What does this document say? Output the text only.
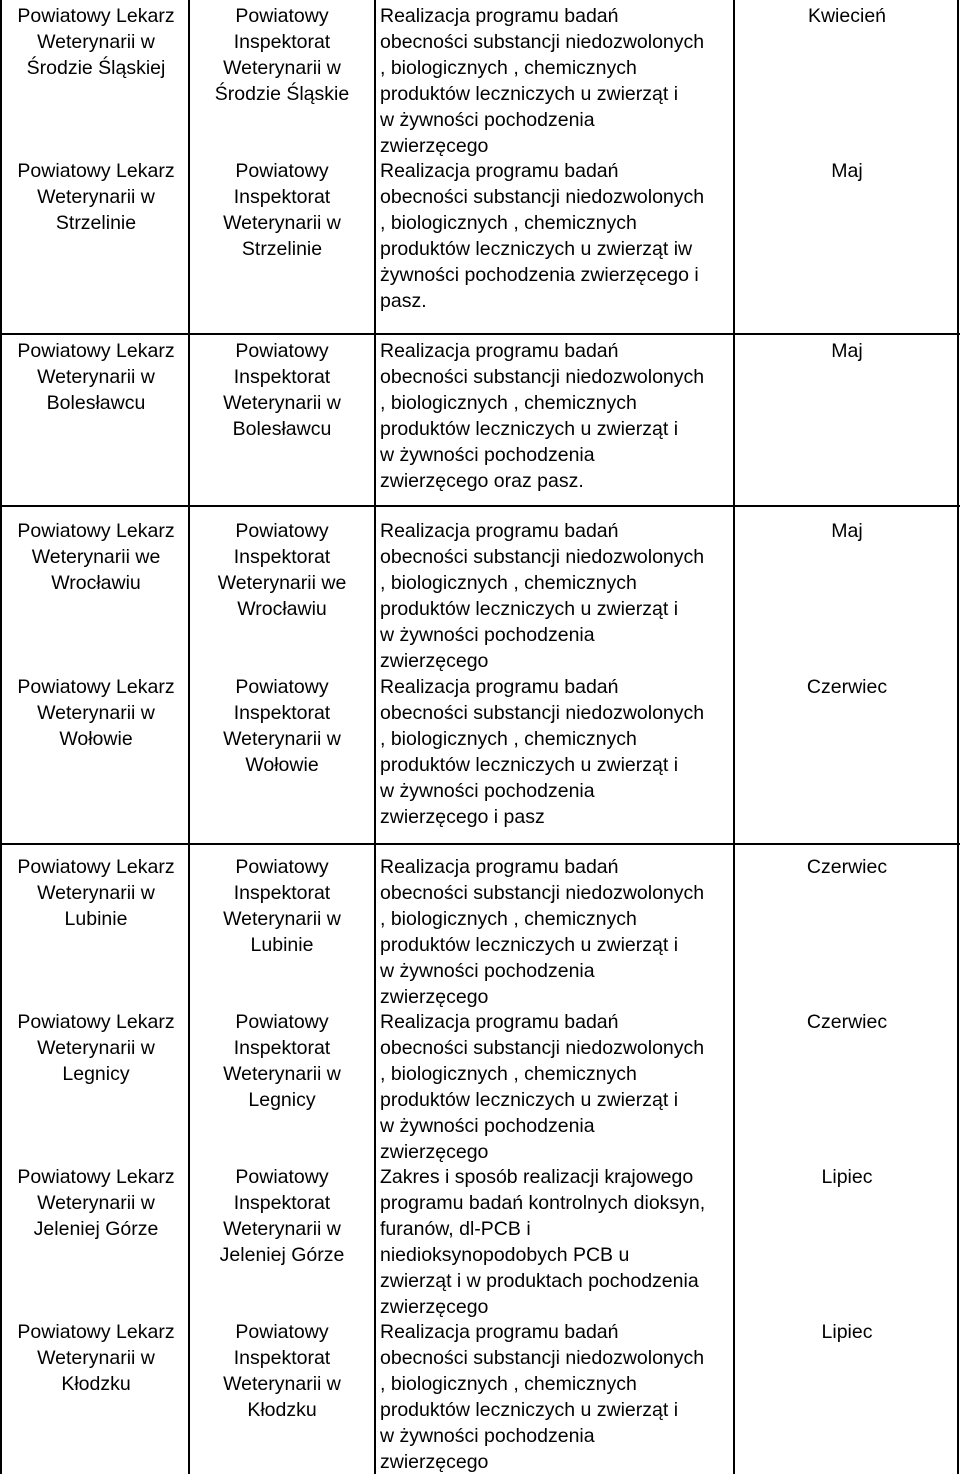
Powiatowy Lekarz
Weterynarii w
Środzie Śląskiej
Powiatowy
Inspektorat
Weterynarii w
Środzie Śląskie
Realizacja programu badań
obecności substancji niedozwolonych
, biologicznych , chemicznych
produktów leczniczych u zwierząt i
w żywności pochodzenia
zwierzęcego
Kwiecień
Powiatowy Lekarz
Weterynarii w
Strzelinie
Powiatowy
Inspektorat
Weterynarii w
Strzelinie
Realizacja programu badań
obecności substancji niedozwolonych
, biologicznych , chemicznych
produktów leczniczych u zwierząt iw
żywności pochodzenia zwierzęcego i
pasz.
Maj
Powiatowy Lekarz
Weterynarii w
Bolesławcu
Powiatowy
Inspektorat
Weterynarii w
Bolesławcu
Realizacja programu badań
obecności substancji niedozwolonych
, biologicznych , chemicznych
produktów leczniczych u zwierząt i
w żywności pochodzenia
zwierzęcego oraz pasz.
Maj
Powiatowy Lekarz
Weterynarii we
Wrocławiu
Powiatowy
Inspektorat
Weterynarii we
Wrocławiu
Realizacja programu badań
obecności substancji niedozwolonych
, biologicznych , chemicznych
produktów leczniczych u zwierząt i
w żywności pochodzenia
zwierzęcego
Maj
Powiatowy Lekarz
Weterynarii w
Wołowie
Powiatowy
Inspektorat
Weterynarii w
Wołowie
Realizacja programu badań
obecności substancji niedozwolonych
, biologicznych , chemicznych
produktów leczniczych u zwierząt i
w żywności pochodzenia
zwierzęcego i pasz
Czerwiec
Powiatowy Lekarz
Weterynarii w
Lubinie
Powiatowy
Inspektorat
Weterynarii w
Lubinie
Realizacja programu badań
obecności substancji niedozwolonych
, biologicznych , chemicznych
produktów leczniczych u zwierząt i
w żywności pochodzenia
zwierzęcego
Czerwiec
Powiatowy Lekarz
Weterynarii w
Legnicy
Powiatowy
Inspektorat
Weterynarii w
Legnicy
Realizacja programu badań
obecności substancji niedozwolonych
, biologicznych , chemicznych
produktów leczniczych u zwierząt i
w żywności pochodzenia
zwierzęcego
Czerwiec
Powiatowy Lekarz
Weterynarii w
Jeleniej Górze
Powiatowy
Inspektorat
Weterynarii w
Jeleniej Górze
Zakres i sposób realizacji krajowego
programu badań kontrolnych dioksyn,
furanów, dl-PCB i
niedioksynopodobych PCB u
zwierząt i w produktach pochodzenia
zwierzęcego
Lipiec
Powiatowy Lekarz
Weterynarii w
Kłodzku
Powiatowy
Inspektorat
Weterynarii w
Kłodzku
Realizacja programu badań
obecności substancji niedozwolonych
, biologicznych , chemicznych
produktów leczniczych u zwierząt i
w żywności pochodzenia
zwierzęcego
Lipiec
